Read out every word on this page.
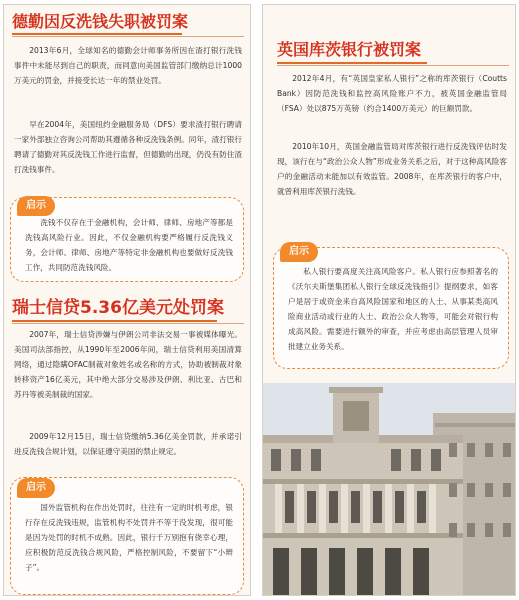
德勤因反洗钱失职被罚案
2013年6月，全球知名的德勤会计师事务所因在渣打银行洗钱事件中未能尽到自己的职责，而同意向美国监管部门缴纳总计1000万美元的罚金，并接受长达一年的禁业处罚。
早在2004年，美国纽约金融服务局（DFS）要求渣打银行聘请一家外部独立咨询公司帮助其遵循各种反洗钱条例。同年，渣打银行聘请了德勤对其反洗钱工作进行监督，但德勤的出现，仍没有防住渣打洗钱事件。
启示
洗钱不仅存在于金融机构，会计师、律师、房地产等都是洗钱高风险行业。因此，不仅金融机构要严格履行反洗钱义务，会计师、律师、房地产等特定非金融机构也要做好反洗钱工作，共同防范洗钱风险。
瑞士信贷5.36亿美元处罚案
2007年，瑞士信贷涉嫌与伊朗公司非法交易一事被媒体曝光。美国司法部指控，从1990年至2006年间，瑞士信贷利用美国清算网络，通过隐瞒OFAC制裁对象姓名或名称的方式，协助被制裁对象转移资产16亿美元，其中绝大部分交易涉及伊朗、利比亚、古巴和苏丹等被美制裁的国家。
2009年12月15日，瑞士信贷缴纳5.36亿美金罚款，并承诺引进反洗钱合规计划，以保证遵守美国的禁止规定。
启示
国外监管机构在作出处罚时，往往有一定的时机考虑，银行存在反洗钱违规，监管机构不处罚并不等于没发现，很可能是因为处罚的时机不成熟。因此，银行千万别抱有侥幸心理，应积极防范反洗钱合规风险，严格控制风险，不要留下“小辫子”。
英国库茨银行被罚案
2012年4月，有“英国皇家私人银行”之称的库茨银行（Coutts Bank）因防范洗钱和监控高风险账户不力，被英国金融监管局（FSA）处以875万英镑（约合1400万美元）的巨额罚款。
2010年10月，英国金融监管局对库茨银行进行反洗钱评估时发现，该行在与“政治公众人物”形成业务关系之后，对于这种高风险客户的金融活动未能加以有效监管。2008年，在库茨银行的客户中，就曾利用库茨银行洗钱。
启示
私人银行要高度关注高风险客户。私人银行应参照著名的《沃尔夫斯堡集团私人银行全球反洗钱指引》提纲要求，如客户是居于或资金来自高风险国家和地区的人士、从事某类高风险商业活动或行业的人士、政治公众人物等，可能会对银行构成高风险。需要进行额外的审查，并应考虑由高层管理人员审批建立业务关系。
